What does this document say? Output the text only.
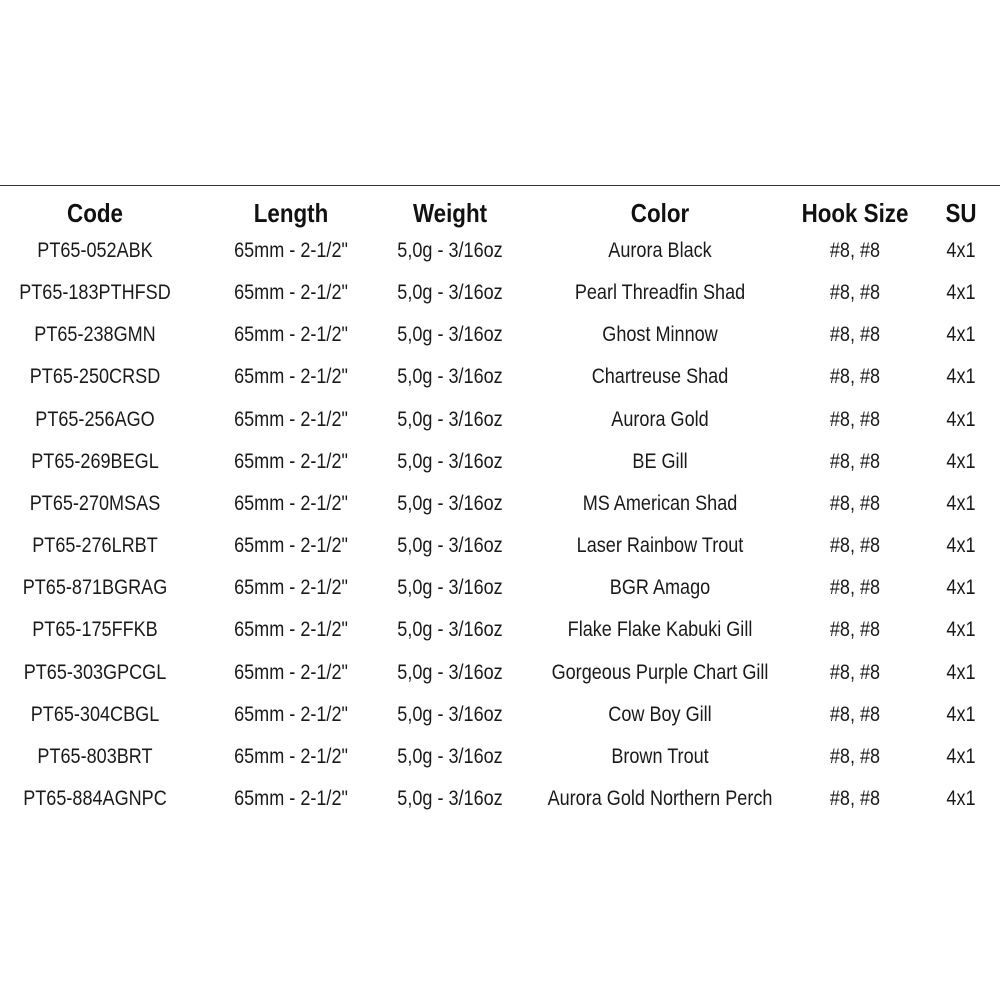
Code	Length	Weight	Color	Hook Size	SU
PT65-052ABK	65mm - 2-1/2"	5,0g - 3/16oz	Aurora Black	#8, #8	4x1
PT65-183PTHFSD	65mm - 2-1/2"	5,0g - 3/16oz	Pearl Threadfin Shad	#8, #8	4x1
PT65-238GMN	65mm - 2-1/2"	5,0g - 3/16oz	Ghost Minnow	#8, #8	4x1
PT65-250CRSD	65mm - 2-1/2"	5,0g - 3/16oz	Chartreuse Shad	#8, #8	4x1
PT65-256AGO	65mm - 2-1/2"	5,0g - 3/16oz	Aurora Gold	#8, #8	4x1
PT65-269BEGL	65mm - 2-1/2"	5,0g - 3/16oz	BE Gill	#8, #8	4x1
PT65-270MSAS	65mm - 2-1/2"	5,0g - 3/16oz	MS American Shad	#8, #8	4x1
PT65-276LRBT	65mm - 2-1/2"	5,0g - 3/16oz	Laser Rainbow Trout	#8, #8	4x1
PT65-871BGRAG	65mm - 2-1/2"	5,0g - 3/16oz	BGR Amago	#8, #8	4x1
PT65-175FFKB	65mm - 2-1/2"	5,0g - 3/16oz	Flake Flake Kabuki Gill	#8, #8	4x1
PT65-303GPCGL	65mm - 2-1/2"	5,0g - 3/16oz	Gorgeous Purple Chart Gill	#8, #8	4x1
PT65-304CBGL	65mm - 2-1/2"	5,0g - 3/16oz	Cow Boy Gill	#8, #8	4x1
PT65-803BRT	65mm - 2-1/2"	5,0g - 3/16oz	Brown Trout	#8, #8	4x1
PT65-884AGNPC	65mm - 2-1/2"	5,0g - 3/16oz	Aurora Gold Northern Perch	#8, #8	4x1
